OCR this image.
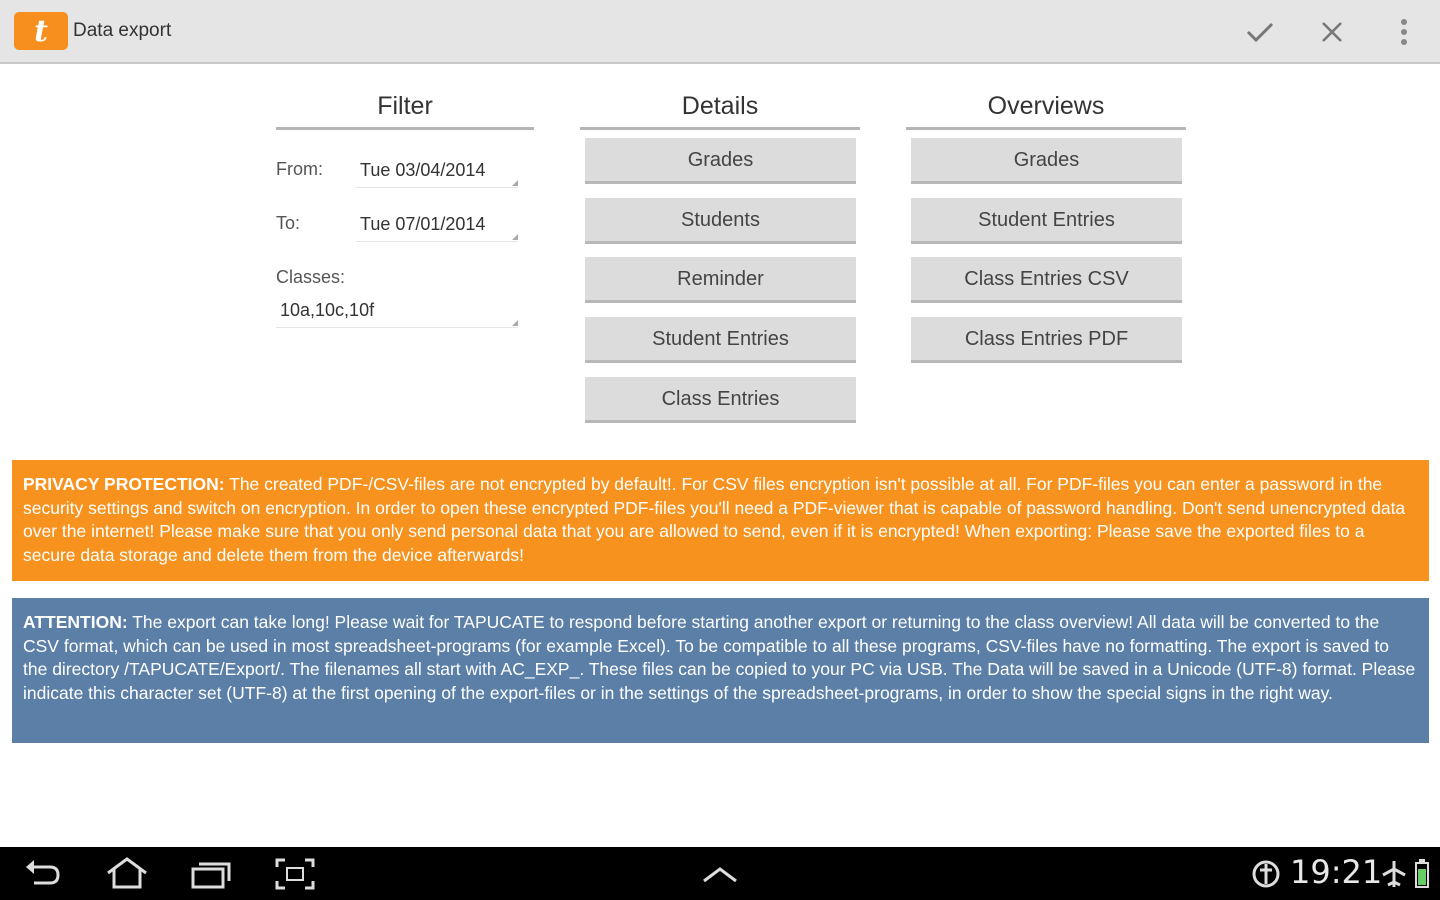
t	Data export
Filter
From: Tue 03/04/2014
To:	Tue 07/01/2014
Classes:
10a,10c,10f
Details
Grades
Students
Reminder
Student Entries
Class Entries
Overviews
Grades
Student Entries
Class Entries CSV
Class Entries PDF
PRIVACY PROTECTION: The created PDF-/CSV-files are not encrypted by default!. For CSV files encryption isn't possible at all. For PDF-files you can enter a password in the security settings and switch on encryption. In order to open these encrypted PDF-files you'll need a PDF-viewer that is capable of password handling. Don't send unencrypted data over the internet! Please make sure that you only send personal data that you are allowed to send, even if it is encrypted! When exporting: Please save the exported files to a secure data storage and delete them from the device afterwards!
ATTENTION: The export can take long! Please wait for TAPUCATE to respond before starting another export or returning to the class overview! All data will be converted to the CSV format, which can be used in most spreadsheet-programs (for example Excel). To be compatible to all these programs, CSV-files have no formatting. The export is saved to the directory /TAPUCATE/Export/. The filenames all start with AC_EXP_. These files can be copied to your PC via USB. The Data will be saved in a Unicode (UTF-8) format. Please indicate this character set (UTF-8) at the first opening of the export-files or in the settings of the spreadsheet-programs, in order to show the special signs in the right way.
19:21
